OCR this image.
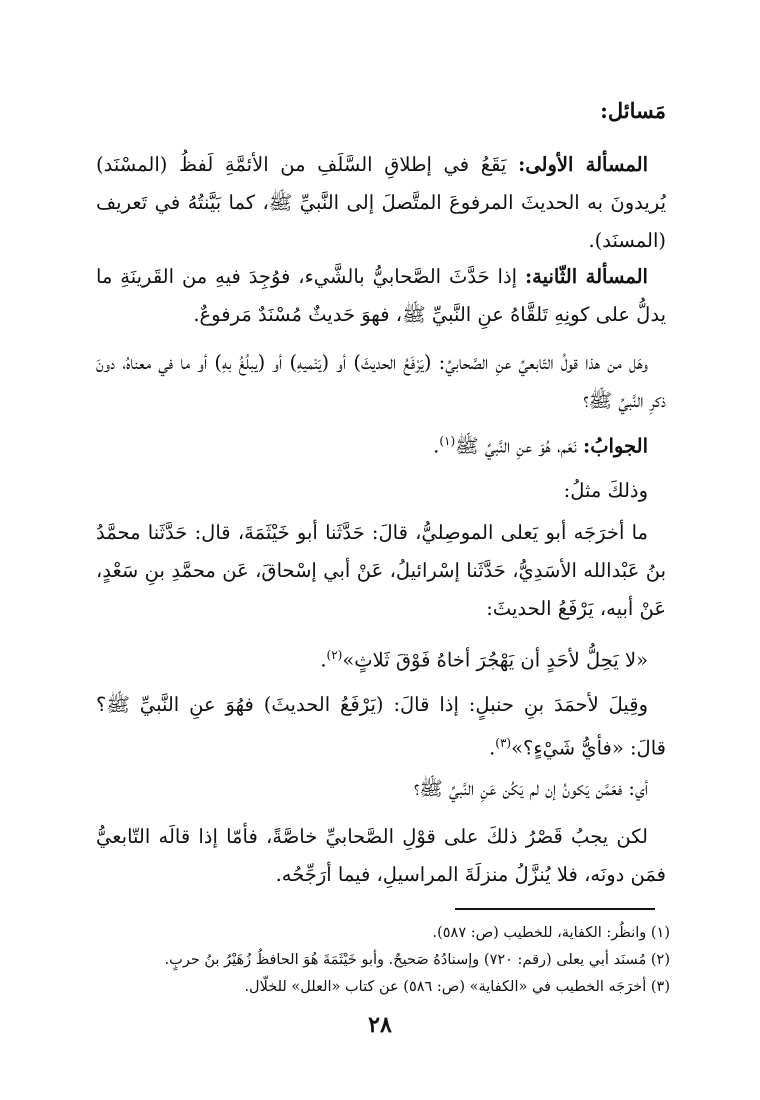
مَسائل:

المسألة الأولى: يَقَعُ في إطلاقِ السَّلَفِ من الأئمَّةِ لَفظُ (المسْنَد) يُريدونَ به الحديثَ المرفوعَ المتَّصلَ إلى النَّبيِّ ﷺ، كما بَيَّنتُهُ في تَعريف (المسنَد).

المسألة الثّانية: إذا حَدَّثَ الصَّحابيُّ بالشَّيء، فوُجِدَ فيهِ من القَرينَةِ ما يدلُّ على كونِهِ تَلقَّاهُ عنِ النَّبيِّ ﷺ، فهوَ حَديثٌ مُسْنَدٌ مَرفوعٌ.

وهَل من هذا قولُ التّابعيِّ عنِ الصَّحابيِّ: (يَرْفَعُ الحديثَ) أو (يَنْميهِ) أو (يبلُغُ بهِ) أو ما في معناهُ، دونَ ذكرِ النَّبيِّ ﷺ؟

الجوابُ: نَعَم، هُوَ عنِ النَّبيِّ ﷺ$^{(١)}$.

وذلكَ مثلُ:

ما أخرَجَه أبو يَعلى الموصِليُّ، قالَ: حَدَّثَنا أبو خَيْثَمَةَ، قال: حَدَّثَنا محمَّدُ بنُ عَبْدالله الأسَدِيُّ، حَدَّثَنا إسْرائيلُ، عَنْ أبي إسْحاقَ، عَن محمَّدِ بنِ سَعْدٍ، عَنْ أبيه، يَرْفَعُ الحديثَ:

«لا يَحِلُّ لأحَدٍ أن يَهْجُرَ أخاهُ فَوْقَ ثَلاثٍ»$^{(٢)}$.

وقِيلَ لأحمَدَ بنِ حنبلٍ: إذا قالَ: (يَرْفَعُ الحديثَ) فهُوَ عنِ النَّبيِّ ﷺ؟ قالَ: «فأيُّ شَيْءٍ؟»$^{(٣)}$.

أي: فعَمَّن يَكونُ إن لم يَكُن عَنِ النَّبيِّ ﷺ؟

لكن يجبُ قَصْرُ ذلكَ على قوْلِ الصَّحابيِّ خاصَّةً، فأمّا إذا قالَه التّابعيُّ فمَن دونَه، فلا يُنزَّلُ منزلَةَ المراسيلِ، فيما أرَجِّحُه.

(١) وانظُر: الكفاية، للخطيب (ص: ٥٨٧).
(٢) مُسنَد أبي يعلى (رقم: ٧٢٠) وإسنادُهُ صَحيحٌ. وأبو خَيْثَمَةَ هُوَ الحافظُ زُهَيْرُ بنُ حربٍ.
(٣) أخرَجَه الخطيب في «الكفاية» (ص: ٥٨٦) عن كتاب «العلل» للخلّال.
٢٨
